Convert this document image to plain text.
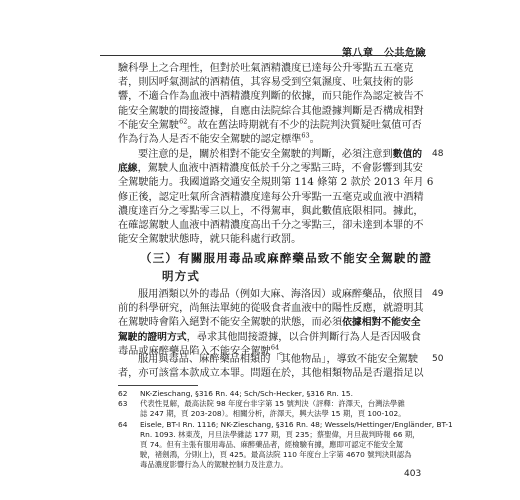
第八章　公共危險
驗科學上之合理性，但對於吐氣酒精濃度已達每公升零點五五毫克
者，則因呼氣測試的酒精值，其容易受到空氣濕度、吐氣技術的影
響，不適合作為血液中酒精濃度判斷的依據，而只能作為認定被告不
能安全駕駛的間接證據，自應由法院綜合其他證據判斷是否構成相對
不能安全駕駛$^{62}$。故在舊法時期就有不少的法院判決質疑吐氣值可否
作為行為人是否不能安全駕駛的認定標準$^{63}$。
要注意的是，關於相對不能安全駕駛的判斷，必須注意到數值的
底線，駕駛人血液中酒精濃度低於千分之零點三時，不會影響到其安
全駕駛能力。我國道路交通安全規則第 114 條第 2 款於 2013 年月 6
修正後，認定吐氣所含酒精濃度達每公升零點一五毫克或血液中酒精
濃度達百分之零點零三以上，不得駕車，與此數值底限相同。據此，
在確認駕駛人血液中酒精濃度高出千分之零點三，卻未達到本罪的不
能安全駕駛狀態時，就只能科處行政罰。
48
（三）有關服用毒品或麻醉藥品致不能安全駕駛的證
明方式
服用酒類以外的毒品（例如大麻、海洛因）或麻醉藥品，依照目
前的科學研究，尚無法單純的從吸食者血液中的陽性反應，就證明其
在駕駛時會陷入絕對不能安全駕駛的狀態，而必須依據相對不能安全
駕駛的證明方式，尋求其他間接證據，以合併判斷行為人是否因吸食
毒品或麻醉藥品陷入不能安全駕駛$^{64}$。
49
服用與毒品、麻醉藥品相類的「其他物品」，導致不能安全駕駛
者，亦可該當本款成立本罪。問題在於，其他相類物品是否還指足以
50
62 NK-Zieschang, §316 Rn. 44; Sch/Sch-Hecker, §316 Rn. 15.
63 代表性見解，最高法院 98 年度台非字第 15 號判決（評釋：許澤天，台灣法學雜
誌 247 期，頁 203-208）。相關分析，許澤天，興大法學 15 期，頁 100-102。
64 Eisele, BT-I Rn. 1116; NK-Zieschang, §316 Rn. 48; Wessels/Hettinger/Engländer, BT-1
Rn. 1093. 林東茂，月旦法學雜誌 177 期，頁 235；蔡聖偉，月旦裁判時報 66 期，
頁 74。但有主張有服用毒品、麻醉藥品者，經檢驗有據，應即可認定不能安全駕
駛，褚劍鴻，分則(上)，頁 425。最高法院 110 年度台上字第 4670 號判決則認為
毒品濃度影響行為人的駕駛控制力及注意力。
403
